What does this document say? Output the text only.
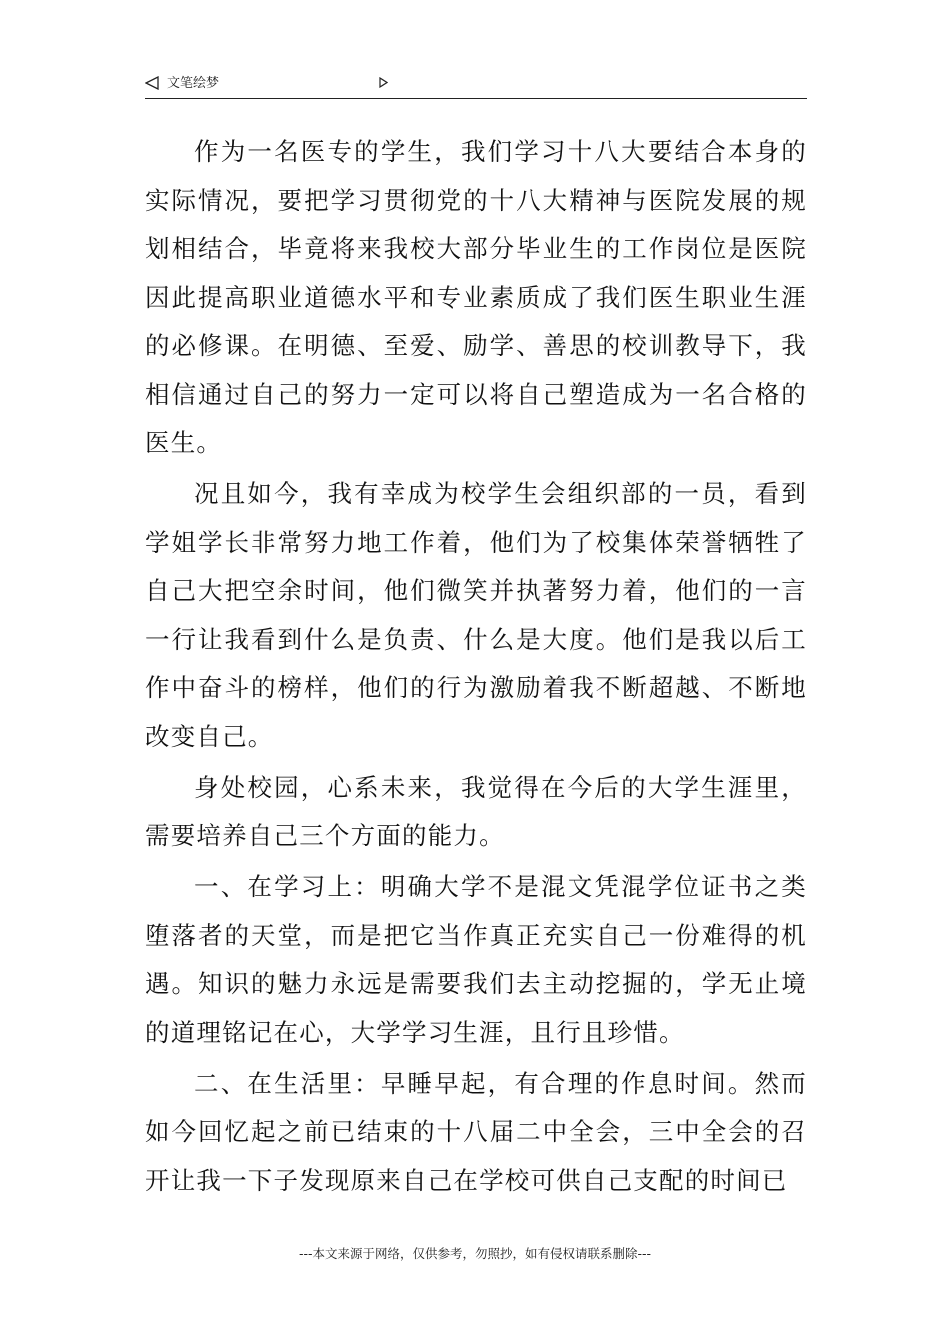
文笔绘梦

作为一名医专的学生，我们学习十八大要结合本身的实际情况，要把学习贯彻党的十八大精神与医院发展的规划相结合，毕竟将来我校大部分毕业生的工作岗位是医院因此提高职业道德水平和专业素质成了我们医生职业生涯的必修课。在明德、至爱、励学、善思的校训教导下，我相信通过自己的努力一定可以将自己塑造成为一名合格的医生。

况且如今，我有幸成为校学生会组织部的一员，看到学姐学长非常努力地工作着，他们为了校集体荣誉牺牲了自己大把空余时间，他们微笑并执著努力着，他们的一言一行让我看到什么是负责、什么是大度。他们是我以后工作中奋斗的榜样，他们的行为激励着我不断超越、不断地改变自己。

身处校园，心系未来，我觉得在今后的大学生涯里，需要培养自己三个方面的能力。

一、在学习上：明确大学不是混文凭混学位证书之类堕落者的天堂，而是把它当作真正充实自己一份难得的机遇。知识的魅力永远是需要我们去主动挖掘的，学无止境的道理铭记在心，大学学习生涯，且行且珍惜。

二、在生活里：早睡早起，有合理的作息时间。然而如今回忆起之前已结束的十八届二中全会，三中全会的召开让我一下子发现原来自己在学校可供自己支配的时间已

---本文来源于网络，仅供参考，勿照抄，如有侵权请联系删除---
